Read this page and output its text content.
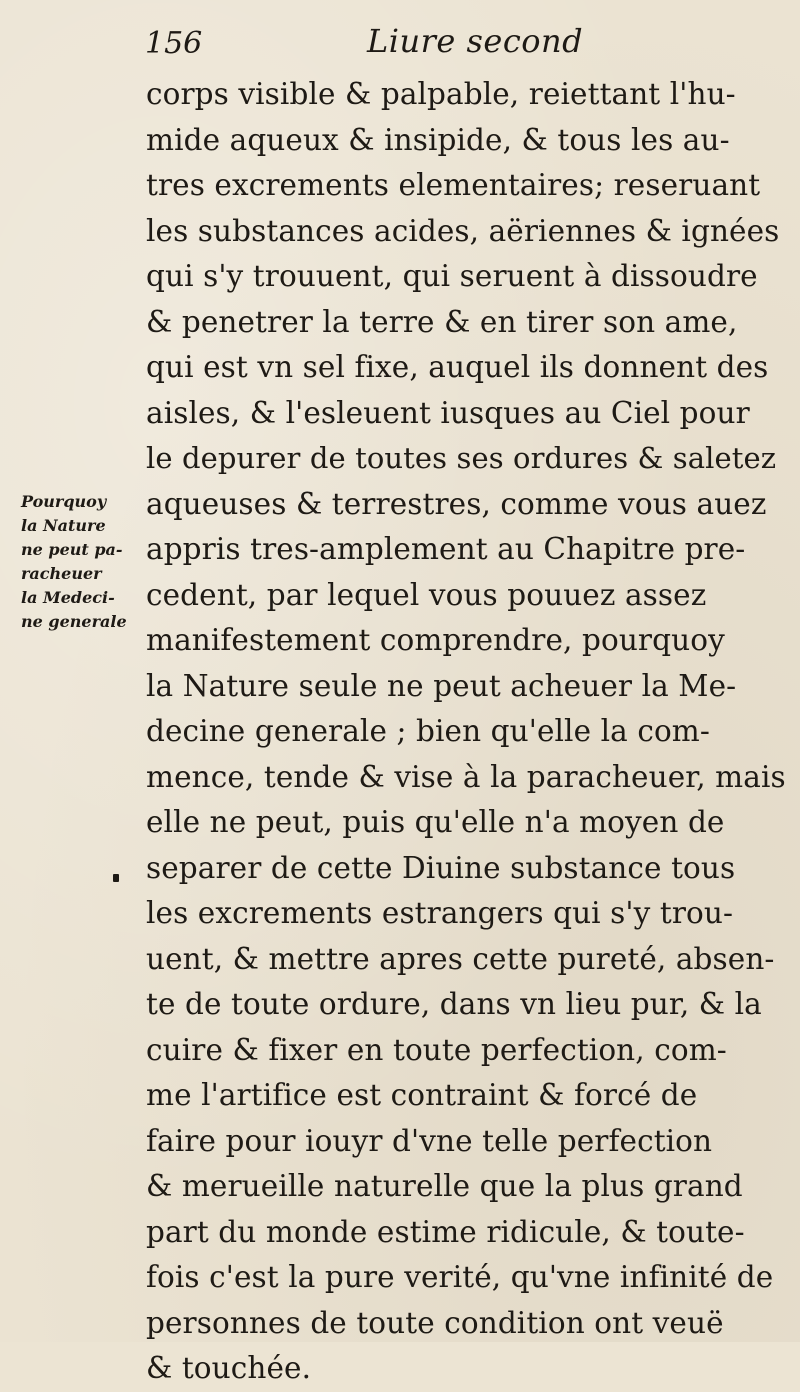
156	Liure second
Pourquoy
la Nature
ne peut pa-
racheuer
la Medeci-
ne generale
corps visible & palpable, reiettant l'hu-
mide aqueux & insipide, & tous les au-
tres excrements elementaires; reseruant
les substances acides, aëriennes & ignées
qui s'y trouuent, qui seruent à dissoudre
& penetrer la terre & en tirer son ame,
qui est vn sel fixe, auquel ils donnent des
aisles, & l'esleuent iusques au Ciel pour
le depurer de toutes ses ordures & saletez
aqueuses & terrestres, comme vous auez
appris tres-amplement au Chapitre pre-
cedent, par lequel vous pouuez assez
manifestement comprendre, pourquoy
la Nature seule ne peut acheuer la Me-
decine generale ; bien qu'elle la com-
mence, tende & vise à la paracheuer, mais
elle ne peut, puis qu'elle n'a moyen de
separer de cette Diuine substance tous
les excrements estrangers qui s'y trou-
uent, & mettre apres cette pureté, absen-
te de toute ordure, dans vn lieu pur, & la
cuire & fixer en toute perfection, com-
me l'artifice est contraint & forcé de
faire pour iouyr d'vne telle perfection
& merueille naturelle que la plus grand
part du monde estime ridicule, & toute-
fois c'est la pure verité, qu'vne infinité de
personnes de toute condition ont veuë
& touchée.
